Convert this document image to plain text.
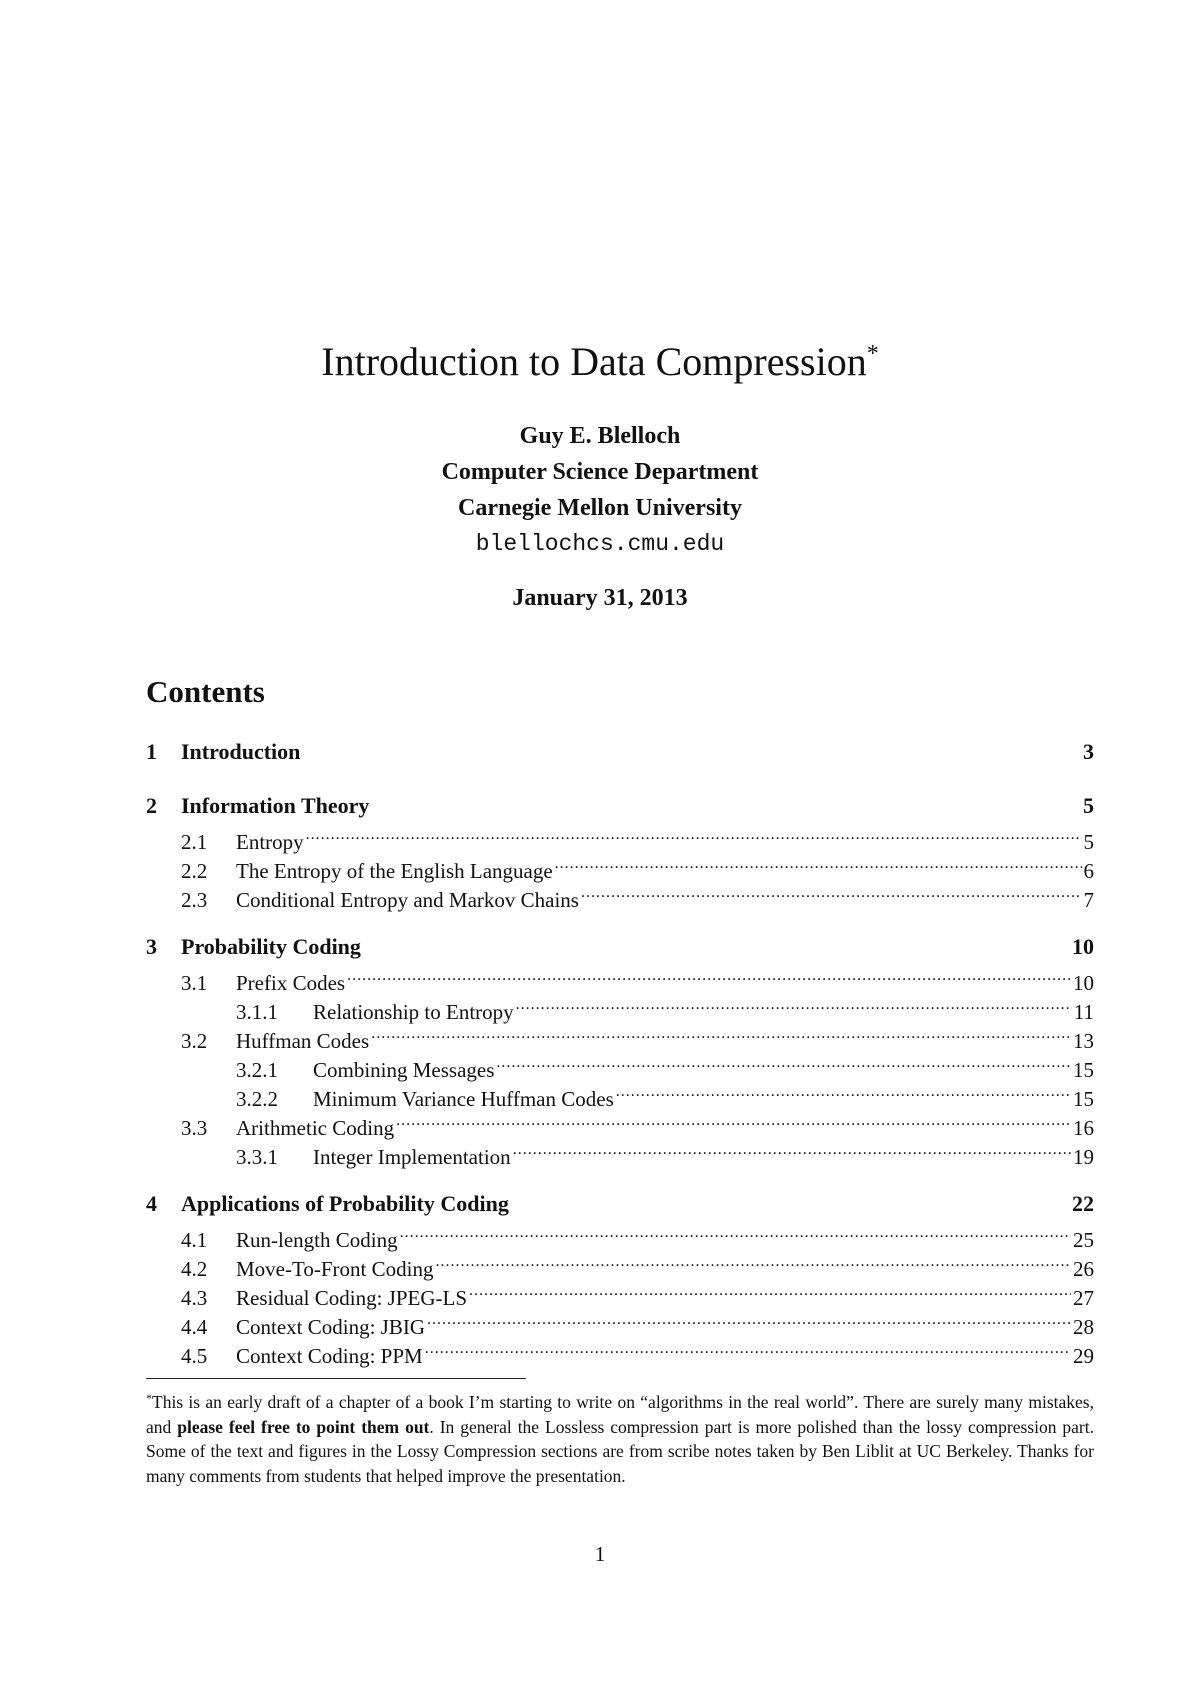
Introduction to Data Compression*
Guy E. Blelloch
Computer Science Department
Carnegie Mellon University
blellochcs.cmu.edu
January 31, 2013
Contents
1	Introduction	3
2	Information Theory	5
2.1	Entropy .....	5
2.2	The Entropy of the English Language .....	6
2.3	Conditional Entropy and Markov Chains .....	7
3	Probability Coding	10
3.1	Prefix Codes .....	10
3.1.1	Relationship to Entropy .....	11
3.2	Huffman Codes .....	13
3.2.1	Combining Messages .....	15
3.2.2	Minimum Variance Huffman Codes .....	15
3.3	Arithmetic Coding .....	16
3.3.1	Integer Implementation .....	19
4	Applications of Probability Coding	22
4.1	Run-length Coding .....	25
4.2	Move-To-Front Coding .....	26
4.3	Residual Coding: JPEG-LS .....	27
4.4	Context Coding: JBIG .....	28
4.5	Context Coding: PPM .....	29
*This is an early draft of a chapter of a book I’m starting to write on “algorithms in the real world”. There are surely many mistakes, and please feel free to point them out. In general the Lossless compression part is more polished than the lossy compression part. Some of the text and figures in the Lossy Compression sections are from scribe notes taken by Ben Liblit at UC Berkeley. Thanks for many comments from students that helped improve the presentation.
1
